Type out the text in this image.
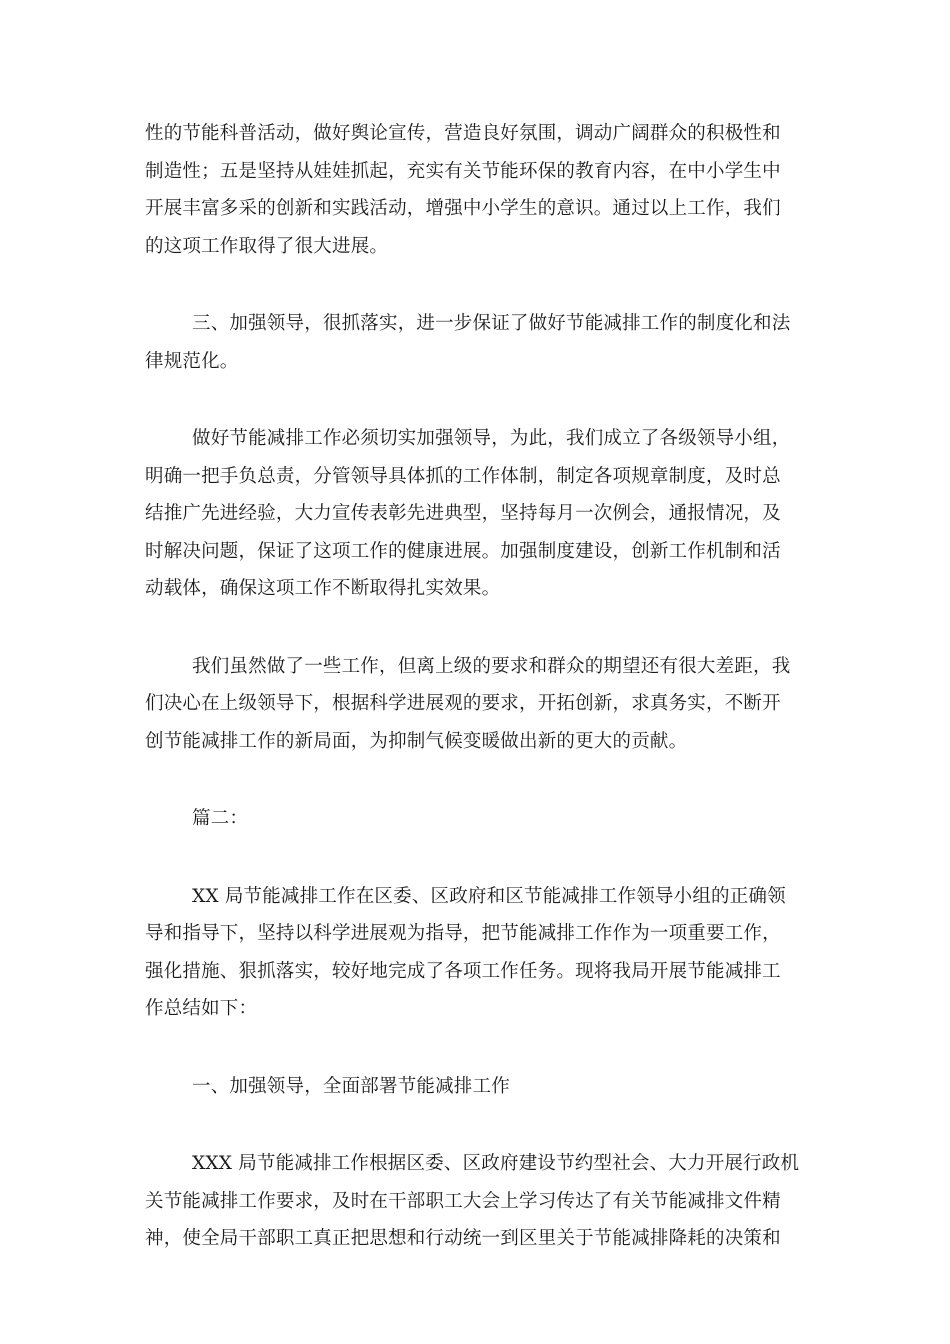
性的节能科普活动，做好舆论宣传，营造良好氛围，调动广阔群众的积极性和
制造性；五是坚持从娃娃抓起，充实有关节能环保的教育内容，在中小学生中
开展丰富多采的创新和实践活动，增强中小学生的意识。通过以上工作，我们
的这项工作取得了很大进展。

三、加强领导，很抓落实，进一步保证了做好节能减排工作的制度化和法
律规范化。

做好节能减排工作必须切实加强领导，为此，我们成立了各级领导小组，
明确一把手负总责，分管领导具体抓的工作体制，制定各项规章制度，及时总
结推广先进经验，大力宣传表彰先进典型，坚持每月一次例会，通报情况，及
时解决问题，保证了这项工作的健康进展。加强制度建设，创新工作机制和活
动载体，确保这项工作不断取得扎实效果。

我们虽然做了一些工作，但离上级的要求和群众的期望还有很大差距，我
们决心在上级领导下，根据科学进展观的要求，开拓创新，求真务实，不断开
创节能减排工作的新局面，为抑制气候变暖做出新的更大的贡献。

篇二：

XX 局节能减排工作在区委、区政府和区节能减排工作领导小组的正确领
导和指导下，坚持以科学进展观为指导，把节能减排工作作为一项重要工作，
强化措施、狠抓落实，较好地完成了各项工作任务。现将我局开展节能减排工
作总结如下：

一、加强领导，全面部署节能减排工作

XXX 局节能减排工作根据区委、区政府建设节约型社会、大力开展行政机
关节能减排工作要求，及时在干部职工大会上学习传达了有关节能减排文件精
神，使全局干部职工真正把思想和行动统一到区里关于节能减排降耗的决策和
